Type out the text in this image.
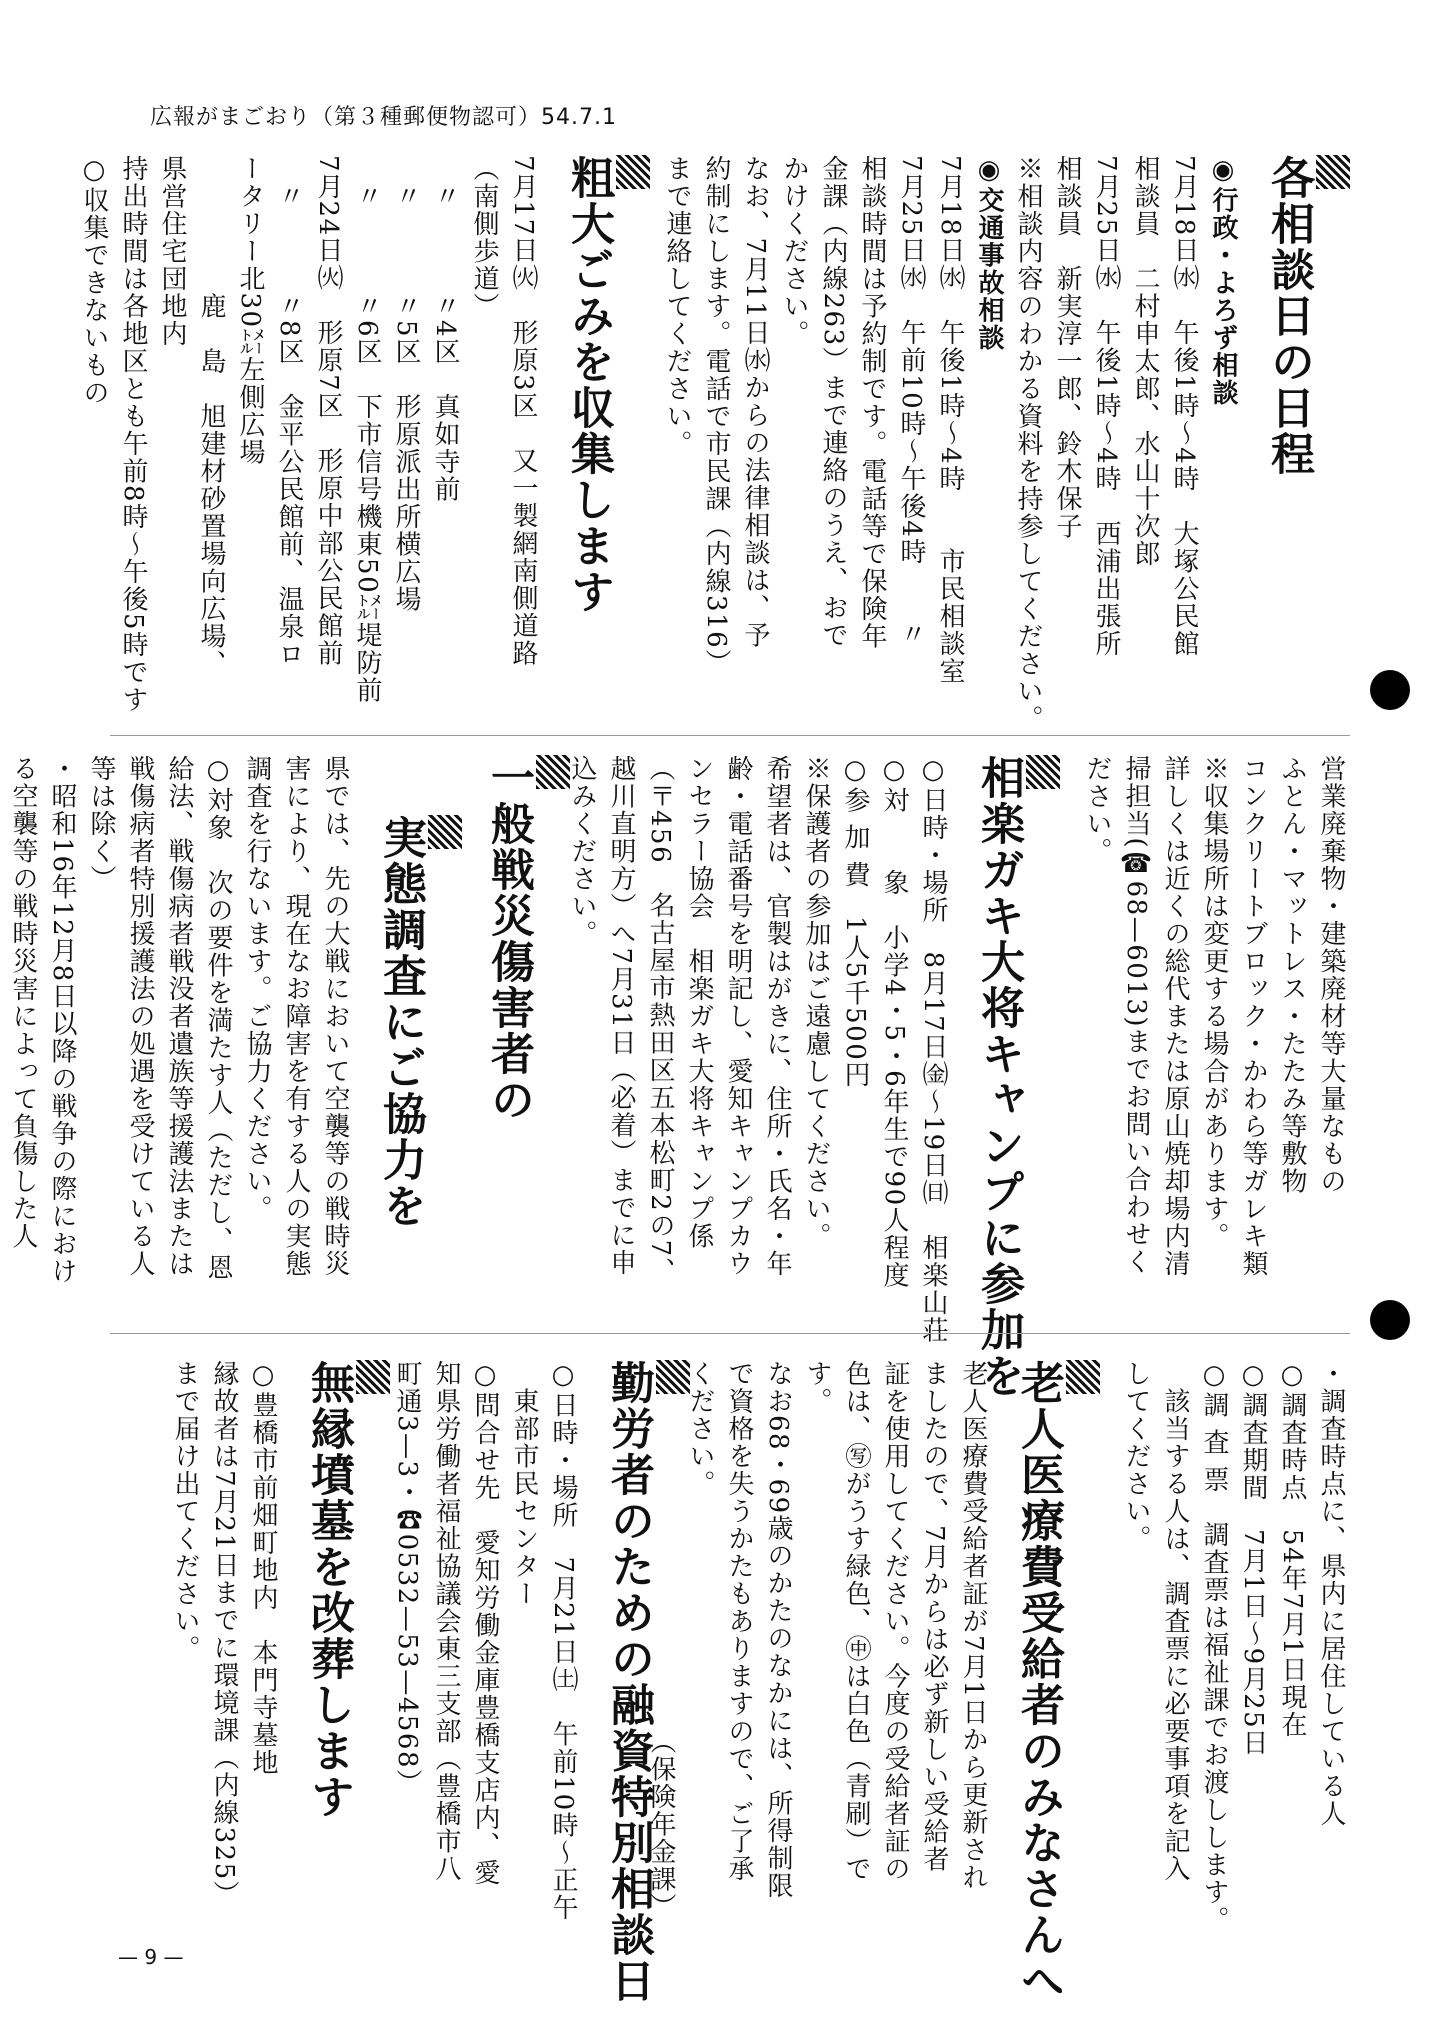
広報がまごおり（第３種郵便物認可）54.7.1
各相談日の日程
◉行政・よろず相談
7月18日㈬　午後1時～4時　大塚公民館
相談員　二村申太郎、水山十次郎
7月25日㈬　午後1時～4時　西浦出張所
相談員　新実淳一郎、鈴木保子
※相談内容のわかる資料を持参してください。
◉交通事故相談
7月18日㈬　午後1時～4時　　市民相談室
7月25日㈬　午前10時～午後4時　　〃
相談時間は予約制です。電話等で保険年金課（内線263）まで連絡のうえ、おでかけください。
なお、7月11日㈬からの法律相談は、予約制にします。電話で市民課（内線316）まで連絡してください。
粗大ごみを収集します
7月17日㈫　形原3区　又一製網南側道路（南側歩道）
　〃　　　〃4区　真如寺前
　〃　　　〃5区　形原派出所横広場
　〃　　　〃6区　下市信号機東50㍍堤防前
7月24日㈫　形原7区　形原中部公民館前
　〃　　　〃8区　金平公民館前、温泉ロータリー北30㍍左側広場
　　　　　鹿　島　旭建材砂置場向広場、県営住宅団地内
持出時間は各地区とも午前8時～午後5時です
○収集できないもの
営業廃棄物・建築廃材等大量なもの
ふとん・マットレス・たたみ等敷物
コンクリートブロック・かわら等ガレキ類
※収集場所は変更する場合があります。
詳しくは近くの総代または原山焼却場内清掃担当(☎68—6013)までお問い合わせください。
相楽ガキ大将キャンプに参加を
○日時・場所　8月17日㈮～19日㈰　相楽山荘
○対　　象　小学4・5・6年生で90人程度
○参 加 費　1人5千500円
※保護者の参加はご遠慮してください。
希望者は、官製はがきに、住所・氏名・年齢・電話番号を明記し、愛知キャンプカウンセラー協会　相楽ガキ大将キャンプ係（〒456　名古屋市熱田区五本松町2の7、越川直明方）へ7月31日（必着）までに申込みください。
一般戦災傷害者の
実態調査にご協力を
県では、先の大戦において空襲等の戦時災害により、現在なお障害を有する人の実態調査を行ないます。ご協力ください。
○対象　次の要件を満たす人（ただし、恩給法、戦傷病者戦没者遺族等援護法または戦傷病者特別援護法の処遇を受けている人等は除く）
・昭和16年12月8日以降の戦争の際における空襲等の戦時災害によって負傷した人
・調査時点に、県内に居住している人
○調査時点　54年7月1日現在
○調査期間　7月1日～9月25日
○調 査 票　調査票は福祉課でお渡しします。
　該当する人は、調査票に必要事項を記入してください。
老人医療費受給者のみなさんへ
老人医療費受給者証が7月1日から更新されましたので、7月からは必ず新しい受給者証を使用してください。今度の受給者証の色は、㊢がうす緑色、㊥は白色（青刷）です。
なお68・69歳のかたのなかには、所得制限で資格を失うかたもありますので、ご了承ください。
（保険年金課）
勤労者のための融資特別相談日
○日時・場所　7月21日㈯　午前10時～正午
　東部市民センター
○問合せ先　愛知労働金庫豊橋支店内、愛知県労働者福祉協議会東三支部（豊橋市八町通3—3・☎0532—53—4568）
無縁墳墓を改葬します
○豊橋市前畑町地内　本門寺墓地
縁故者は7月21日までに環境課（内線325）まで届け出てください。
— 9 —
